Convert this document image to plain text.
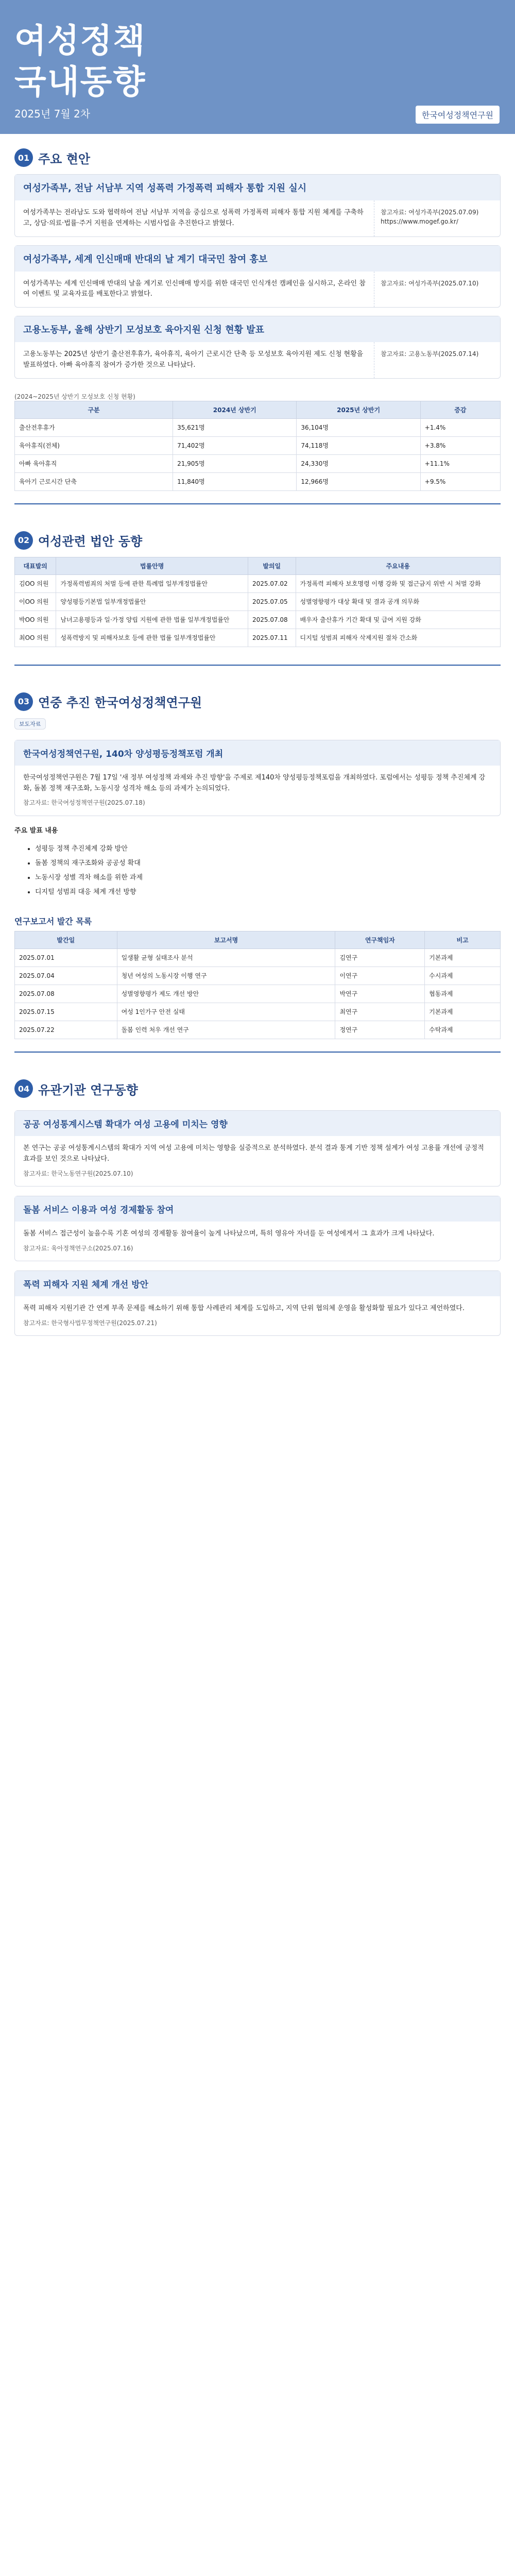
여성정책
국내동향
2025년 7월 2차	한국여성정책연구원
01 주요 현안
여성가족부, 전남 서남부 지역 성폭력 가정폭력 피해자 통합 지원 실시
여성가족부는 전라남도 도와 협력하여 전남 서남부 지역을 중심으로 성폭력 가정폭력 피해자 통합 지원 체계를 구축하고, 상담·의료·법률·주거 지원을 연계하는 시범사업을 추진한다고 밝혔다.
참고자료: 여성가족부(2025.07.09) https://www.mogef.go.kr/
여성가족부, 세계 인신매매 반대의 날 계기 대국민 참여 홍보
여성가족부는 세계 인신매매 반대의 날을 계기로 인신매매 방지를 위한 대국민 인식개선 캠페인을 실시하고, 온라인 참여 이벤트 및 교육자료를 배포한다고 밝혔다.
참고자료: 여성가족부(2025.07.10)
고용노동부, 올해 상반기 모성보호 육아지원 신청 현황 발표
고용노동부는 2025년 상반기 출산전후휴가, 육아휴직, 육아기 근로시간 단축 등 모성보호 육아지원 제도 신청 현황을 발표하였다. 아빠 육아휴직 참여가 증가한 것으로 나타났다.
참고자료: 고용노동부(2025.07.14)
(2024~2025년 상반기 모성보호 신청 현황)
구분	2024년 상반기	2025년 상반기	증감
출산전후휴가	35,621명	36,104명	+1.4%
육아휴직(전체)	71,402명	74,118명	+3.8%
아빠 육아휴직	21,905명	24,330명	+11.1%
육아기 근로시간 단축	11,840명	12,966명	+9.5%
02 여성관련 법안 동향
대표발의	법률안명	발의일	주요내용
김OO 의원	가정폭력범죄의 처벌 등에 관한 특례법 일부개정법률안	2025.07.02	가정폭력 피해자 보호명령 이행 강화 및 접근금지 위반 시 처벌 강화
이OO 의원	양성평등기본법 일부개정법률안	2025.07.05	성별영향평가 대상 확대 및 결과 공개 의무화
박OO 의원	남녀고용평등과 일·가정 양립 지원에 관한 법률 일부개정법률안	2025.07.08	배우자 출산휴가 기간 확대 및 급여 지원 강화
최OO 의원	성폭력방지 및 피해자보호 등에 관한 법률 일부개정법률안	2025.07.11	디지털 성범죄 피해자 삭제지원 절차 간소화
03 연중 추진 한국여성정책연구원
보도자료
한국여성정책연구원, 140차 양성평등정책포럼 개최
한국여성정책연구원은 7월 17일 '새 정부 여성정책 과제와 추진 방향'을 주제로 제140차 양성평등정책포럼을 개최하였다. 포럼에서는 성평등 정책 추진체계 강화, 돌봄 정책 재구조화, 노동시장 성격차 해소 등의 과제가 논의되었다.
참고자료: 한국여성정책연구원(2025.07.18)
주요 발표 내용
• 성평등 정책 추진체계 강화 방안
• 돌봄 정책의 재구조화와 공공성 확대
• 노동시장 성별 격차 해소를 위한 과제
• 디지털 성범죄 대응 체계 개선 방향
연구보고서 발간 목록
발간일	보고서명	연구책임자	비고
2025.07.01	일생활 균형 실태조사 분석	김연구	기본과제
2025.07.04	청년 여성의 노동시장 이행 연구	이연구	수시과제
2025.07.08	성별영향평가 제도 개선 방안	박연구	협동과제
2025.07.15	여성 1인가구 안전 실태	최연구	기본과제
2025.07.22	돌봄 인력 처우 개선 연구	정연구	수탁과제
04 유관기관 연구동향
공공 여성통계시스템 확대가 여성 고용에 미치는 영향
본 연구는 공공 여성통계시스템의 확대가 지역 여성 고용에 미치는 영향을 실증적으로 분석하였다. 분석 결과 통계 기반 정책 설계가 여성 고용률 개선에 긍정적 효과를 보인 것으로 나타났다.
참고자료: 한국노동연구원(2025.07.10)
돌봄 서비스 이용과 여성 경제활동 참여
돌봄 서비스 접근성이 높을수록 기혼 여성의 경제활동 참여율이 높게 나타났으며, 특히 영유아 자녀를 둔 여성에게서 그 효과가 크게 나타났다.
참고자료: 육아정책연구소(2025.07.16)
폭력 피해자 지원 체계 개선 방안
폭력 피해자 지원기관 간 연계 부족 문제를 해소하기 위해 통합 사례관리 체계를 도입하고, 지역 단위 협의체 운영을 활성화할 필요가 있다고 제언하였다.
참고자료: 한국형사법무정책연구원(2025.07.21)
